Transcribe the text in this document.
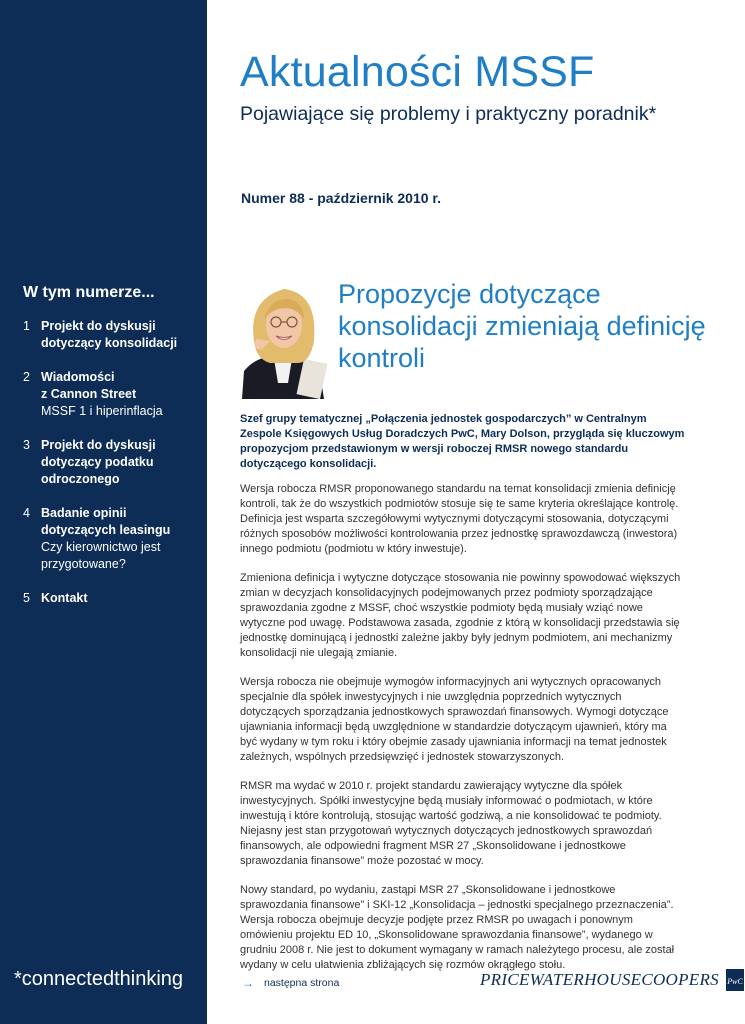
W tym numerze...
1 Projekt do dyskusji
dotyczący konsolidacji
2 Wiadomości
z Cannon Street
MSSF 1 i hiperinflacja
3 Projekt do dyskusji
dotyczący podatku
odroczonego
4 Badanie opinii
dotyczących leasingu
Czy kierownictwo jest
przygotowane?
5 Kontakt
*connectedthinking
Aktualności MSSF
Pojawiające się problemy i praktyczny poradnik*
Numer 88 - październik 2010 r.
Propozycje dotyczące konsolidacji zmieniają definicję kontroli

Szef grupy tematycznej „Połączenia jednostek gospodarczych” w Centralnym Zespole Księgowych Usług Doradczych PwC, Mary Dolson, przygląda się kluczowym propozycjom przedstawionym w wersji roboczej RMSR nowego standardu dotyczącego konsolidacji.

Wersja robocza RMSR proponowanego standardu na temat konsolidacji zmienia definicję kontroli, tak że do wszystkich podmiotów stosuje się te same kryteria określające kontrolę. Definicja jest wsparta szczegółowymi wytycznymi dotyczącymi stosowania, dotyczącymi różnych sposobów możliwości kontrolowania przez jednostkę sprawozdawczą (inwestora) innego podmiotu (podmiotu w który inwestuje).

Zmieniona definicja i wytyczne dotyczące stosowania nie powinny spowodować większych zmian w decyzjach konsolidacyjnych podejmowanych przez podmioty sporządzające sprawozdania zgodne z MSSF, choć wszystkie podmioty będą musiały wziąć nowe wytyczne pod uwagę. Podstawowa zasada, zgodnie z którą w konsolidacji przedstawia się jednostkę dominującą i jednostki zależne jakby były jednym podmiotem, ani mechanizmy konsolidacji nie ulegają zmianie.

Wersja robocza nie obejmuje wymogów informacyjnych ani wytycznych opracowanych specjalnie dla spółek inwestycyjnych i nie uwzględnia poprzednich wytycznych dotyczących sporządzania jednostkowych sprawozdań finansowych. Wymogi dotyczące ujawniania informacji będą uwzględnione w standardzie dotyczącym ujawnień, który ma być wydany w tym roku i który obejmie zasady ujawniania informacji na temat jednostek zależnych, wspólnych przedsięwzięć i jednostek stowarzyszonych.

RMSR ma wydać w 2010 r. projekt standardu zawierający wytyczne dla spółek inwestycyjnych. Spółki inwestycyjne będą musiały informować o podmiotach, w które inwestują i które kontrolują, stosując wartość godziwą, a nie konsolidować te podmioty. Niejasny jest stan przygotowań wytycznych dotyczących jednostkowych sprawozdań finansowych, ale odpowiedni fragment MSR 27 „Skonsolidowane i jednostkowe sprawozdania finansowe” może pozostać w mocy.

Nowy standard, po wydaniu, zastąpi MSR 27 „Skonsolidowane i jednostkowe sprawozdania finansowe” i SKI-12 „Konsolidacja – jednostki specjalnego przeznaczenia”. Wersja robocza obejmuje decyzje podjęte przez RMSR po uwagach i ponownym omówieniu projektu ED 10, „Skonsolidowane sprawozdania finansowe”, wydanego w grudniu 2008 r. Nie jest to dokument wymagany w ramach należytego procesu, ale został wydany w celu ułatwienia zbliżających się rozmów okrągłego stołu.

→ następna strona	PRICEWATERHOUSECOOPERS PwC
